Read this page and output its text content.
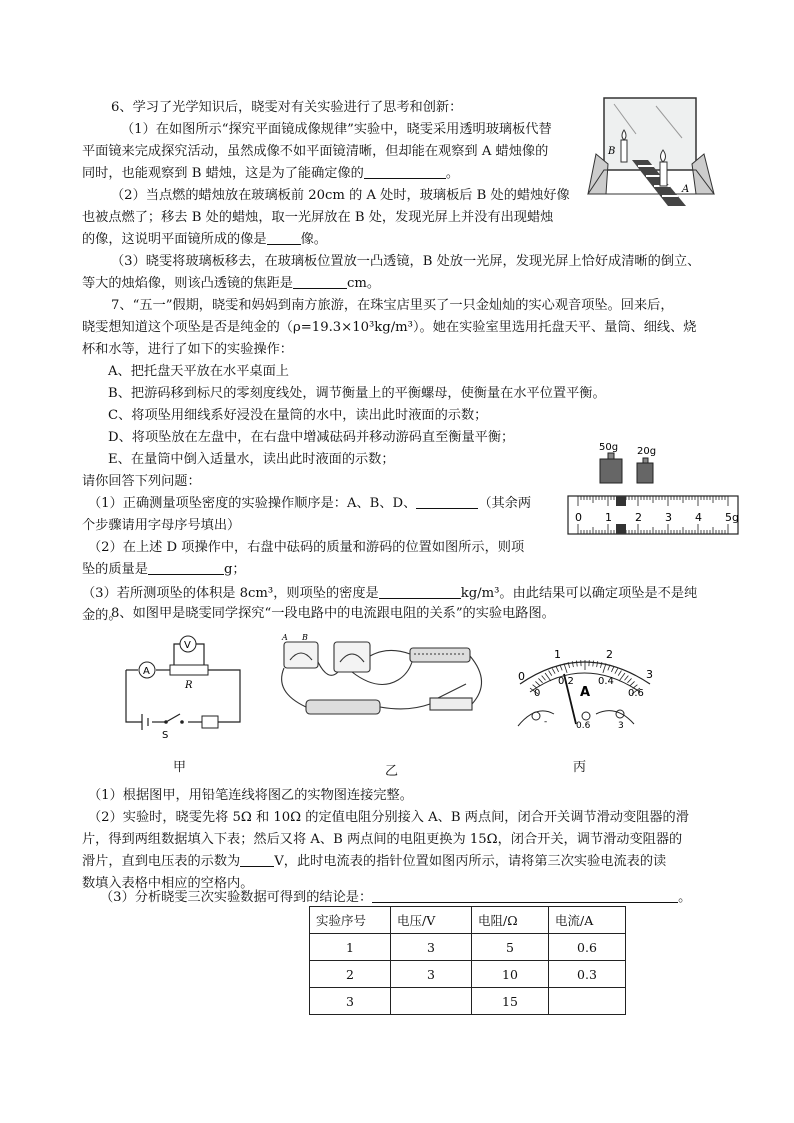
6、学习了光学知识后，晓雯对有关实验进行了思考和创新：
（1）在如图所示“探究平面镜成像规律”实验中，晓雯采用透明玻璃板代替
平面镜来完成探究活动，虽然成像不如平面镜清晰，但却能在观察到 A 蜡烛像的
同时，也能观察到 B 蜡烛，这是为了能确定像的	。
（2）当点燃的蜡烛放在玻璃板前 20cm 的 A 处时，玻璃板后 B 处的蜡烛好像
也被点燃了；移去 B 处的蜡烛，取一光屏放在 B 处，发现光屏上并没有出现蜡烛
的像，这说明平面镜所成的像是	像。
（3）晓雯将玻璃板移去，在玻璃板位置放一凸透镜，B 处放一光屏，发现光屏上恰好成清晰的倒立、
等大的烛焰像，则该凸透镜的焦距是	cm。
B
A
7、“五一”假期，晓雯和妈妈到南方旅游，在珠宝店里买了一只金灿灿的实心观音项坠。回来后，
晓雯想知道这个项坠是否是纯金的（ρ=19.3×10³kg/m³）。她在实验室里选用托盘天平、量筒、细线、烧
杯和水等，进行了如下的实验操作：
A、把托盘天平放在水平桌面上
B、把游码移到标尺的零刻度线处，调节衡量上的平衡螺母，使衡量在水平位置平衡。
C、将项坠用细线系好浸没在量筒的水中，读出此时液面的示数；
D、将项坠放在左盘中，在右盘中增减砝码并移动游码直至衡量平衡；
E、在量筒中倒入适量水，读出此时液面的示数；
请你回答下列问题：
（1）正确测量项坠密度的实验操作顺序是：A、B、D、	（其余两
个步骤请用字母序号填出）
（2）在上述 D 项操作中，右盘中砝码的质量和游码的位置如图所示，则项
坠的质量是	g；
（3）若所测项坠的体积是 8cm³，则项坠的密度是	kg/m³。由此结果可以确定项坠是不是纯
金的。
50g 20g
0 1 2 3 4 5g
8、如图甲是晓雯同学探究“一段电路中的电流跟电阻的关系”的实验电路图。
A
V
R
S
A B
0
1	2
3
0
0.2 0.4
0.6
A
-	0.6	3
甲	乙	丙
（1）根据图甲，用铅笔连线将图乙的实物图连接完整。
（2）实验时，晓雯先将 5Ω 和 10Ω 的定值电阻分别接入 A、B 两点间，闭合开关调节滑动变阻器的滑
片，得到两组数据填入下表；然后又将 A、B 两点间的电阻更换为 15Ω，闭合开关，调节滑动变阻器的
滑片，直到电压表的示数为	V，此时电流表的指针位置如图丙所示，请将第三次实验电流表的读
数填入表格中相应的空格内。
（3）分析晓雯三次实验数据可得到的结论是：	。
实验序号	电压/V	电阻/Ω	电流/A
1	3	5	0.6
2	3	10	0.3
3		15	
